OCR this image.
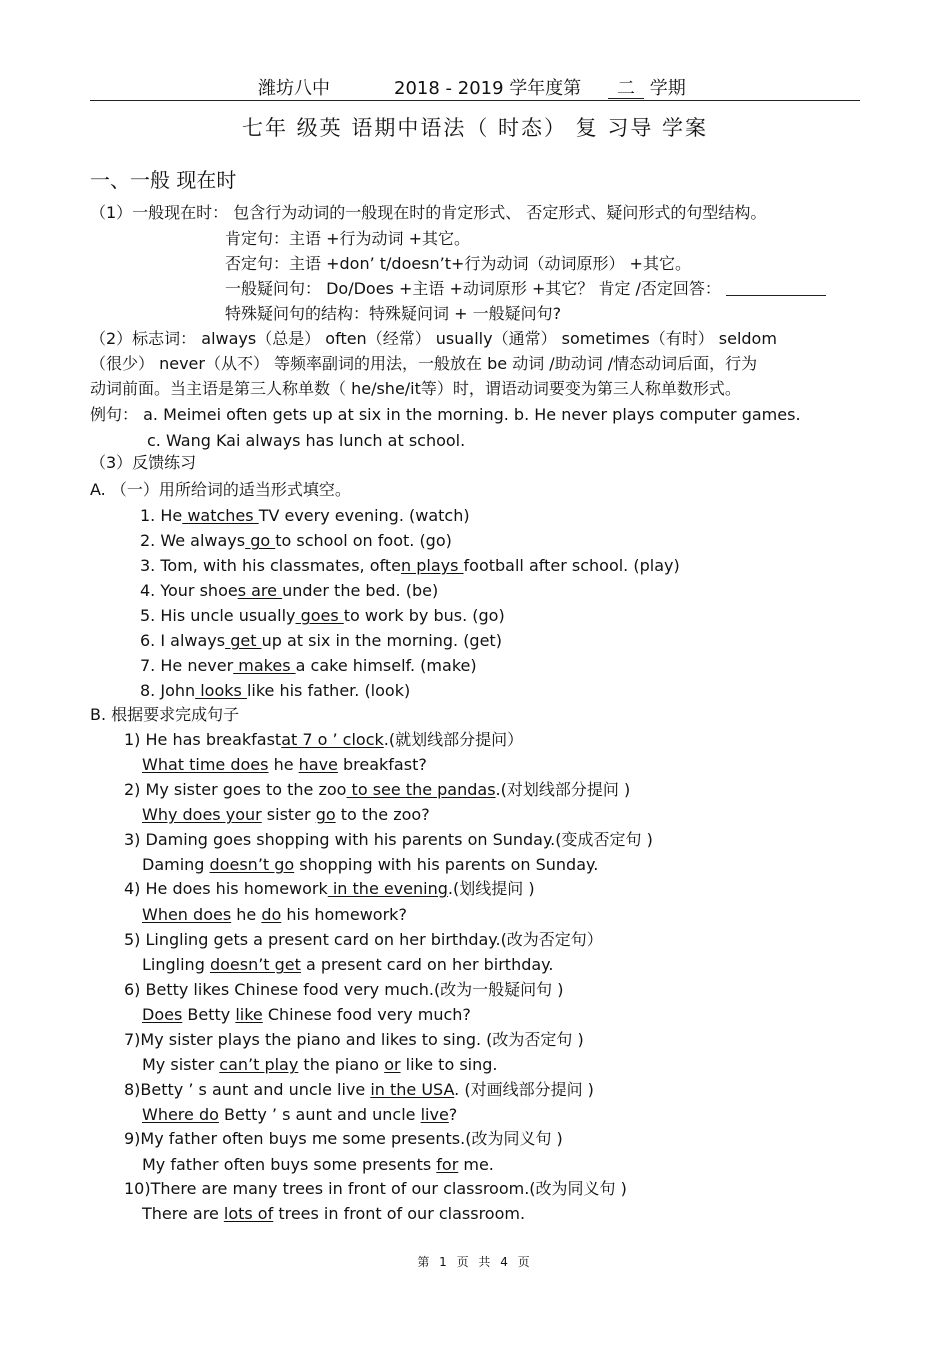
潍坊八中	2018 - 2019 学年度第	二 学期
七年 级英 语期中语法（ 时态） 复 习导 学案
一、一般 现在时
（1）一般现在时： 包含行为动词的一般现在时的肯定形式、 否定形式、疑问形式的句型结构。
肯定句：主语 +行为动词 +其它。
否定句：主语 +don’ t/doesn’t+行为动词（动词原形） +其它。
一般疑问句： Do/Does +主语 +动词原形 +其它？ 肯定 /否定回答：
特殊疑问句的结构：特殊疑问词 + 一般疑问句?
（2）标志词： always（总是） often（经常） usually（通常） sometimes（有时） seldom
（很少） never（从不） 等频率副词的用法，一般放在 be 动词 /助动词 /情态动词后面，行为
动词前面。当主语是第三人称单数（ he/she/it等）时，谓语动词要变为第三人称单数形式。
例句： a. Meimei often gets up at six in the morning. b. He never plays computer games.
c. Wang Kai always has lunch at school.
（3）反馈练习
A. （一）用所给词的适当形式填空。
1. He watches TV every evening. (watch)
2. We always go to school on foot. (go)
3. Tom, with his classmates, often plays football after school. (play)
4. Your shoes are under the bed. (be)
5. His uncle usually goes to work by bus. (go)
6. I always get up at six in the morning. (get)
7. He never makes a cake himself. (make)
8. John looks like his father. (look)
B. 根据要求完成句子
1) He has breakfastat 7 o ’ clock.(就划线部分提问）
What time does he have breakfast?
2) My sister goes to the zoo to see the pandas.(对划线部分提问 )
Why does your sister go to the zoo?
3) Daming goes shopping with his parents on Sunday.(变成否定句 )
Daming doesn’t go shopping with his parents on Sunday.
4) He does his homework in the evening.(划线提问 )
When does he do his homework?
5) Lingling gets a present card on her birthday.(改为否定句）
Lingling doesn’t get a present card on her birthday.
6) Betty likes Chinese food very much.(改为一般疑问句 )
Does Betty like Chinese food very much?
7)My sister plays the piano and likes to sing. (改为否定句 )
My sister can’t play the piano or like to sing.
8)Betty ’ s aunt and uncle live in the USA. (对画线部分提问 )
Where do Betty ’ s aunt and uncle live?
9)My father often buys me some presents.(改为同义句 )
My father often buys some presents for me.
10)There are many trees in front of our classroom.(改为同义句 )
There are lots of trees in front of our classroom.
第 1 页 共 4 页
